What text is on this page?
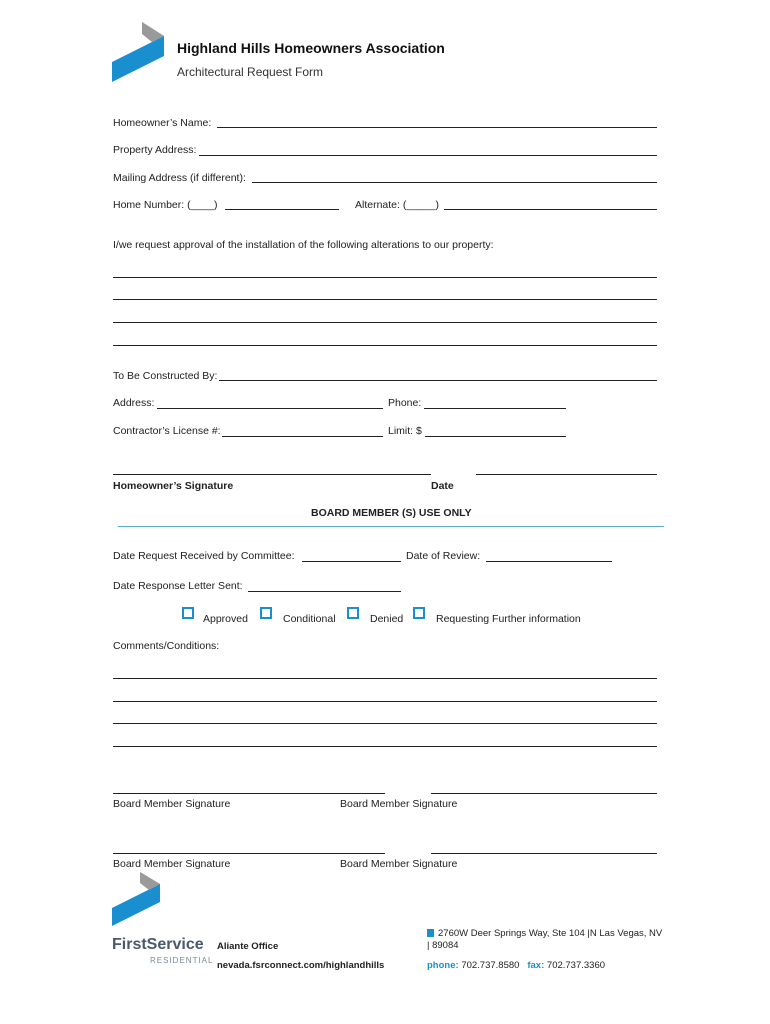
Highland Hills Homeowners Association
Architectural Request Form
Homeowner’s Name:
Property Address:
Mailing Address (if different):
Home Number: (____)	Alternate: (_____)
I/we request approval of the installation of the following alterations to our property:
To Be Constructed By:
Address:	Phone:
Contractor’s License #:	Limit: $
Homeowner’s Signature	Date
BOARD MEMBER (S) USE ONLY
Date Request Received by Committee:	Date of Review:
Date Response Letter Sent:
Approved	Conditional	Denied	Requesting Further information
Comments/Conditions:
Board Member Signature	Board Member Signature
Board Member Signature	Board Member Signature
FirstService
RESIDENTIAL
Aliante Office
nevada.fsrconnect.com/highlandhills
2760W Deer Springs Way, Ste 104 |N Las Vegas, NV
| 89084
phone: 702.737.8580 fax: 702.737.3360
